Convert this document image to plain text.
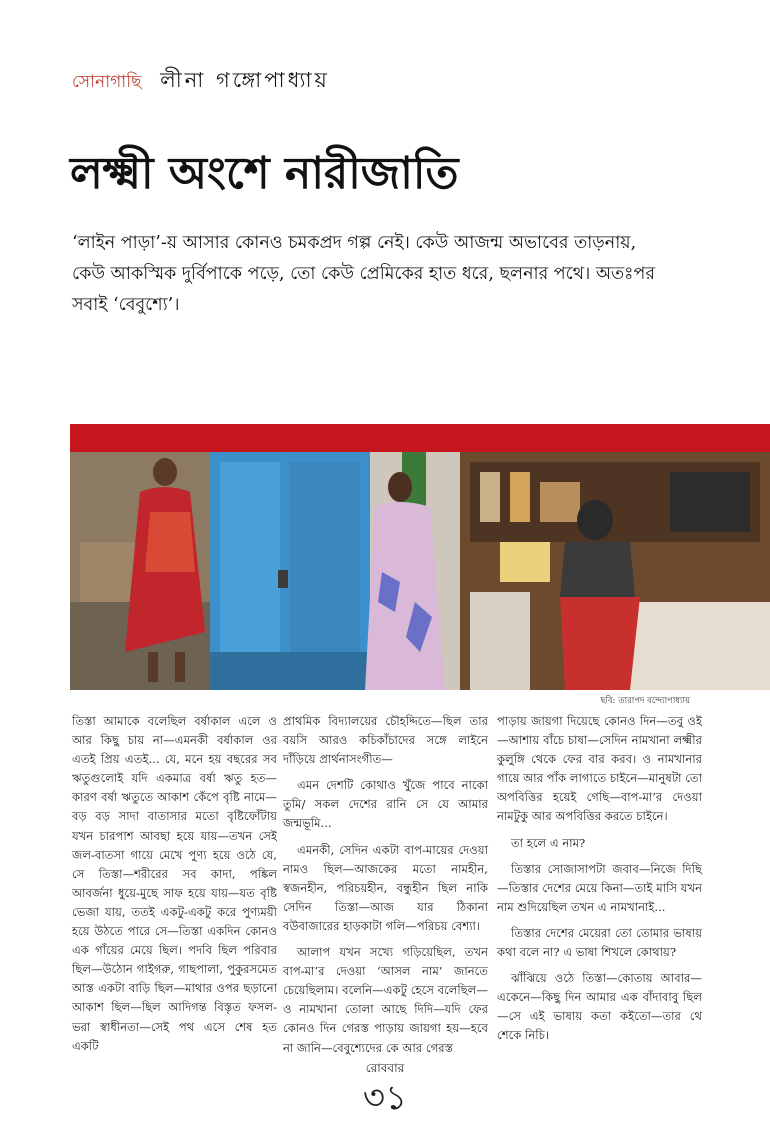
সোনাগাছি লীনা গঙ্গোপাধ্যায়
লক্ষ্মী অংশে নারীজাতি
‘লাইন পাড়া’-য় আসার কোনও চমকপ্রদ গল্প নেই। কেউ আজন্ম অভাবের তাড়নায়, কেউ আকস্মিক দুর্বিপাকে পড়ে, তো কেউ প্রেমিকের হাত ধরে, ছলনার পথে। অতঃপর সবাই ‘বেবুশ্যে’।
ছবি: তারাপদ বন্দ্যোপাধ্যায়

তিস্তা আমাকে বলেছিল বর্ষাকাল এলে ও আর কিছু চায় না—এমনকী বর্ষাকাল ওর এতই প্রিয় এতই... যে, মনে হয় বছরের সব ঋতুগুলোই যদি একমাত্র বর্ষা ঋতু হত—কারণ বর্ষা ঋতুতে আকাশ কেঁপে বৃষ্টি নামে—বড় বড় সাদা বাতাসার মতো বৃষ্টিফোঁটায় যখন চারপাশ আবছা হয়ে যায়—তখন সেই জল-বাতসা গায়ে মেখে পুণ্য হয়ে ওঠে যে, সে তিস্তা—শরীরের সব কাদা, পঙ্কিল আবর্জনা ধুয়ে-মুছে সাফ হয়ে যায়—যত বৃষ্টি ভেজা যায়, ততই একটু-একটু করে পুণ্যময়ী হয়ে উঠতে পারে সে—তিস্তা একদিন কোনও এক গাঁয়ের মেয়ে ছিল। পদবি ছিল পরিবার ছিল—উঠোন গাইগরু, গাছপালা, পুকুরসমেত আস্ত একটা বাড়ি ছিল—মাথার ওপর ছড়ানো আকাশ ছিল—ছিল আদিগন্ত বিস্তৃত ফসল-ভরা স্বাধীনতা—সেই পথ এসে শেষ হত একটি

প্রাথমিক বিদ্যালয়ের চৌহদ্দিতে—ছিল তার বয়সি আরও কচিকাঁচাদের সঙ্গে লাইনে দাঁড়িয়ে প্রার্থনাসংগীত—

এমন দেশটি কোথাও খুঁজে পাবে নাকো তুমি/ সকল দেশের রানি সে যে আমার জন্মভূমি...

এমনকী, সেদিন একটা বাপ-মায়ের দেওয়া নামও ছিল—আজকের মতো নামহীন, স্বজনহীন, পরিচয়হীন, বন্ধুহীন ছিল নাকি সেদিন তিস্তা—আজ যার ঠিকানা বউবাজারের হাড়কাটা গলি—পরিচয় বেশ্যা।

আলাপ যখন সখ্যে গড়িয়েছিল, তখন বাপ-মা’র দেওয়া ‘আসল নাম’ জানতে চেয়েছিলাম। বলেনি—একটু হেসে বলেছিল—ও নামখানা তোলা আছে দিদি—যদি ফের কোনও দিন গেরস্ত পাড়ায় জায়গা হয়—হবে না জানি—বেবুশ্যেদের কে আর গেরস্ত

পাড়ায় জায়গা দিয়েছে কোনও দিন—তবু ওই—আশায় বাঁচে চাষা—সেদিন নামখানা লক্ষ্মীর কুলুঙ্গি থেকে ফের বার করব। ও নামখানার গায়ে আর পাঁক লাগাতে চাইনে—মানুষটা তো অপবিত্তির হয়েই গেছি—বাপ-মা’র দেওয়া নামটুকু আর অপবিত্তির করতে চাইনে।

তা হলে এ নাম?

তিস্তার সোজাসাপটা জবাব—নিজে দিছি—তিস্তার দেশের মেয়ে কিনা—তাই মাসি যখন নাম শুদিয়েছিল তখন এ নামখানাই...

তিস্তার দেশের মেয়েরা তো তোমার ভাষায় কথা বলে না? এ ভাষা শিখলে কোথায়?

ঝাঁঝিয়ে ওঠে তিস্তা—কোতায় আবার—একেনে—কিছু দিন আমার এক বাঁদাবাবু ছিল—সে এই ভাষায় কতা কইতো—তার থে শেকে নিচি।

রোববার
৩১
